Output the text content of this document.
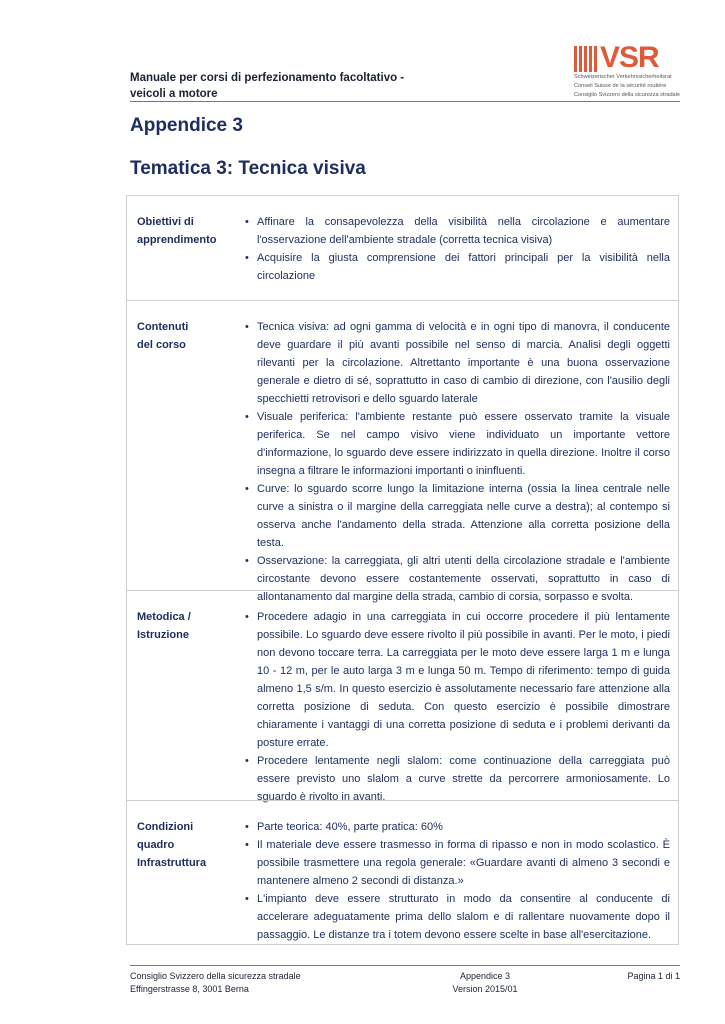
Manuale per corsi di perfezionamento facoltativo -
veicoli a motore
VSR
Schweizerischer Verkehrssicherheitsrat
Conseil Suisse de la sécurité routière
Consiglio Svizzero della sicurezza stradale
Appendice 3
Tematica 3: Tecnica visiva
Obiettivi di
apprendimento
• Affinare la consapevolezza della visibilità nella circolazione e aumentare l'osservazione dell'ambiente stradale (corretta tecnica visiva)
• Acquisire la giusta comprensione dei fattori principali per la visibilità nella circolazione
Contenuti
del corso
• Tecnica visiva: ad ogni gamma di velocità e in ogni tipo di manovra, il conducente deve guardare il più avanti possibile nel senso di marcia. Analisi degli oggetti rilevanti per la circolazione. Altrettanto importante è una buona osservazione generale e dietro di sé, soprattutto in caso di cambio di direzione, con l'ausilio degli specchietti retrovisori e dello sguardo laterale
• Visuale periferica: l'ambiente restante può essere osservato tramite la visuale periferica. Se nel campo visivo viene individuato un importante vettore d'informazione, lo sguardo deve essere indirizzato in quella direzione. Inoltre il corso insegna a filtrare le informazioni importanti o ininfluenti.
• Curve: lo sguardo scorre lungo la limitazione interna (ossia la linea centrale nelle curve a sinistra o il margine della carreggiata nelle curve a destra); al contempo si osserva anche l'andamento della strada. Attenzione alla corretta posizione della testa.
• Osservazione: la carreggiata, gli altri utenti della circolazione stradale e l'ambiente circostante devono essere costantemente osservati, soprattutto in caso di allontanamento dal margine della strada, cambio di corsia, sorpasso e svolta.
Metodica /
Istruzione
• Procedere adagio in una carreggiata in cui occorre procedere il più lentamente possibile. Lo sguardo deve essere rivolto il più possibile in avanti. Per le moto, i piedi non devono toccare terra. La carreggiata per le moto deve essere larga 1 m e lunga 10 - 12 m, per le auto larga 3 m e lunga 50 m. Tempo di riferimento: tempo di guida almeno 1,5 s/m. In questo esercizio è assolutamente necessario fare attenzione alla corretta posizione di seduta. Con questo esercizio è possibile dimostrare chiaramente i vantaggi di una corretta posizione di seduta e i problemi derivanti da posture errate.
• Procedere lentamente negli slalom: come continuazione della carreggiata può essere previsto uno slalom a curve strette da percorrere armoniosamente. Lo sguardo è rivolto in avanti.
Condizioni
quadro
Infrastruttura
• Parte teorica: 40%, parte pratica: 60%
• Il materiale deve essere trasmesso in forma di ripasso e non in modo scolastico. È possibile trasmettere una regola generale: «Guardare avanti di almeno 3 secondi e mantenere almeno 2 secondi di distanza.»
• L'impianto deve essere strutturato in modo da consentire al conducente di accelerare adeguatamente prima dello slalom e di rallentare nuovamente dopo il passaggio. Le distanze tra i totem devono essere scelte in base all'esercitazione.
Consiglio Svizzero della sicurezza stradale
Effingerstrasse 8, 3001 Berna
Appendice 3
Version 2015/01
Pagina 1 di 1
